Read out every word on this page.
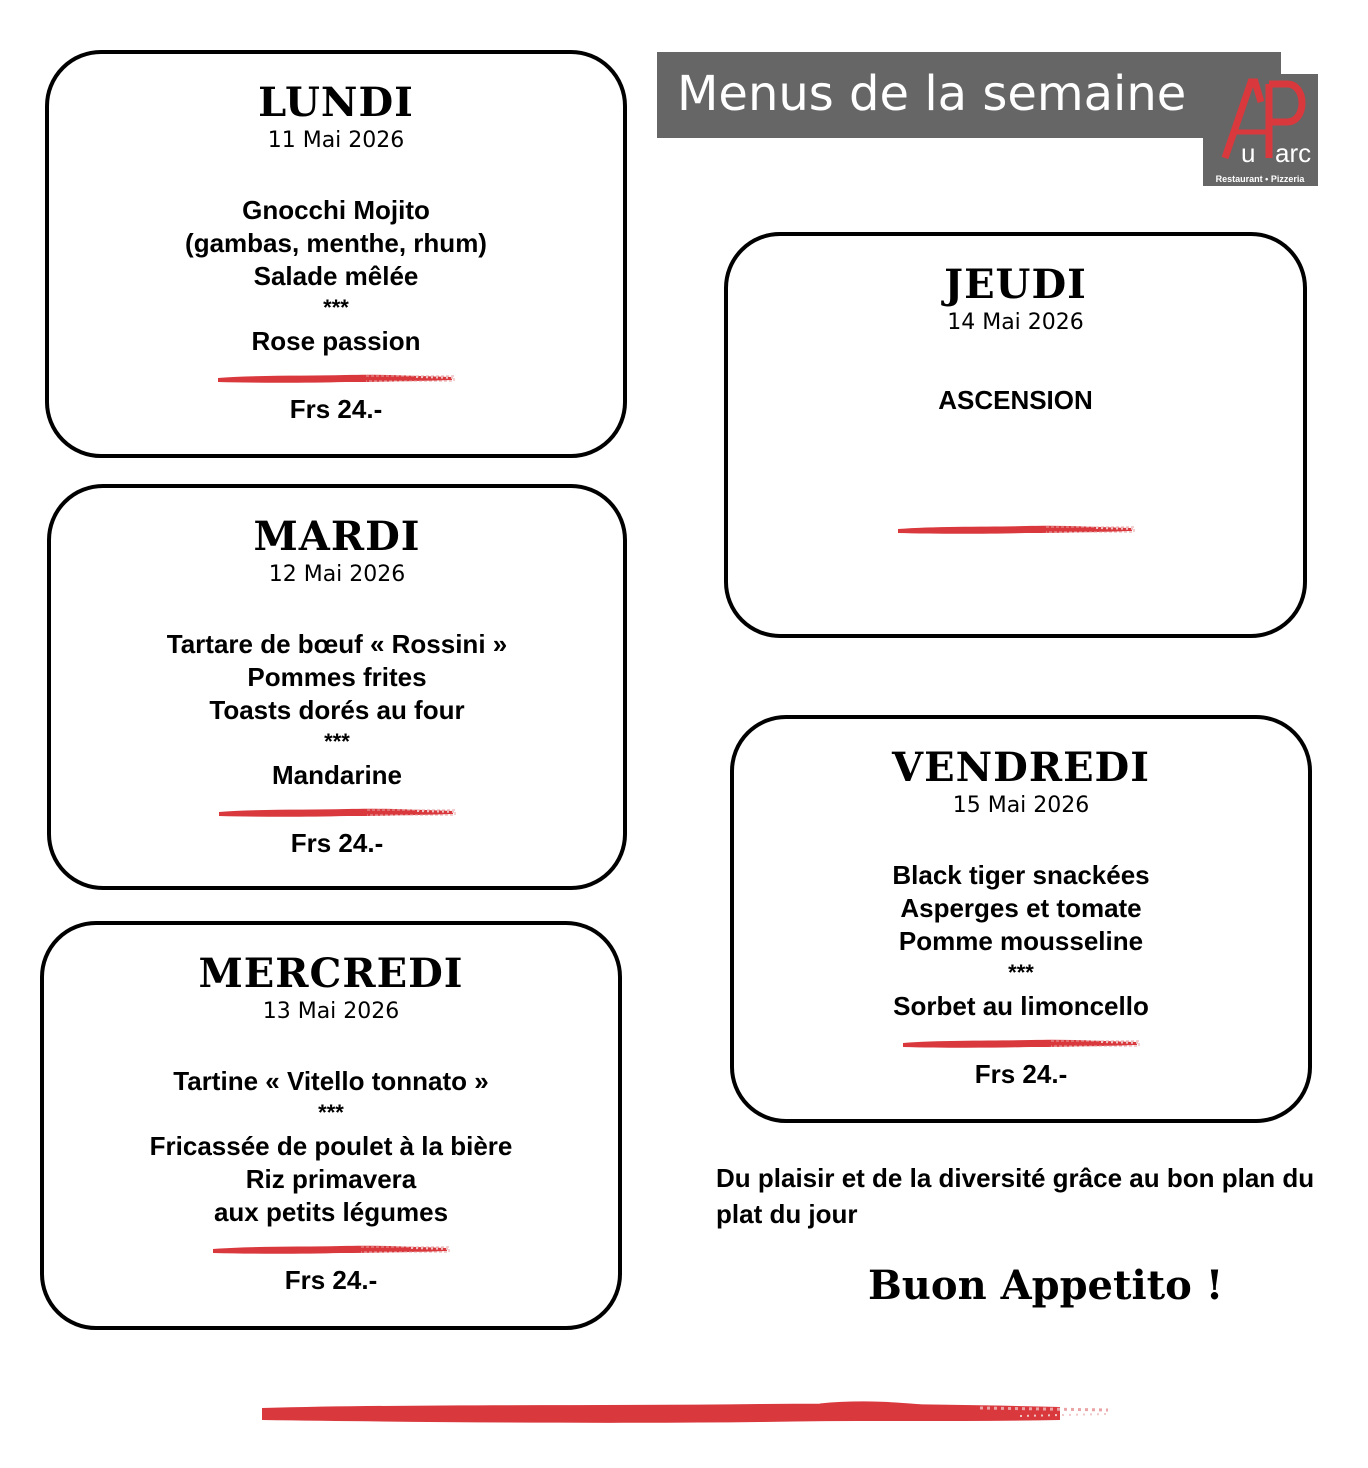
Menus de la semaine
u arc
Restaurant • Pizzeria
LUNDI
11 Mai 2026
Gnocchi Mojito
(gambas, menthe, rhum)
Salade mêlée
***
Rose passion
Frs 24.-
MARDI
12 Mai 2026
Tartare de bœuf « Rossini »
Pommes frites
Toasts dorés au four
***
Mandarine
Frs 24.-
MERCREDI
13 Mai 2026
Tartine « Vitello tonnato »
***
Fricassée de poulet à la bière
Riz primavera
aux petits légumes
Frs 24.-
JEUDI
14 Mai 2026
ASCENSION
VENDREDI
15 Mai 2026
Black tiger snackées
Asperges et tomate
Pomme mousseline
***
Sorbet au limoncello
Frs 24.-
Du plaisir et de la diversité grâce au bon plan du plat du jour
Buon Appetito !
